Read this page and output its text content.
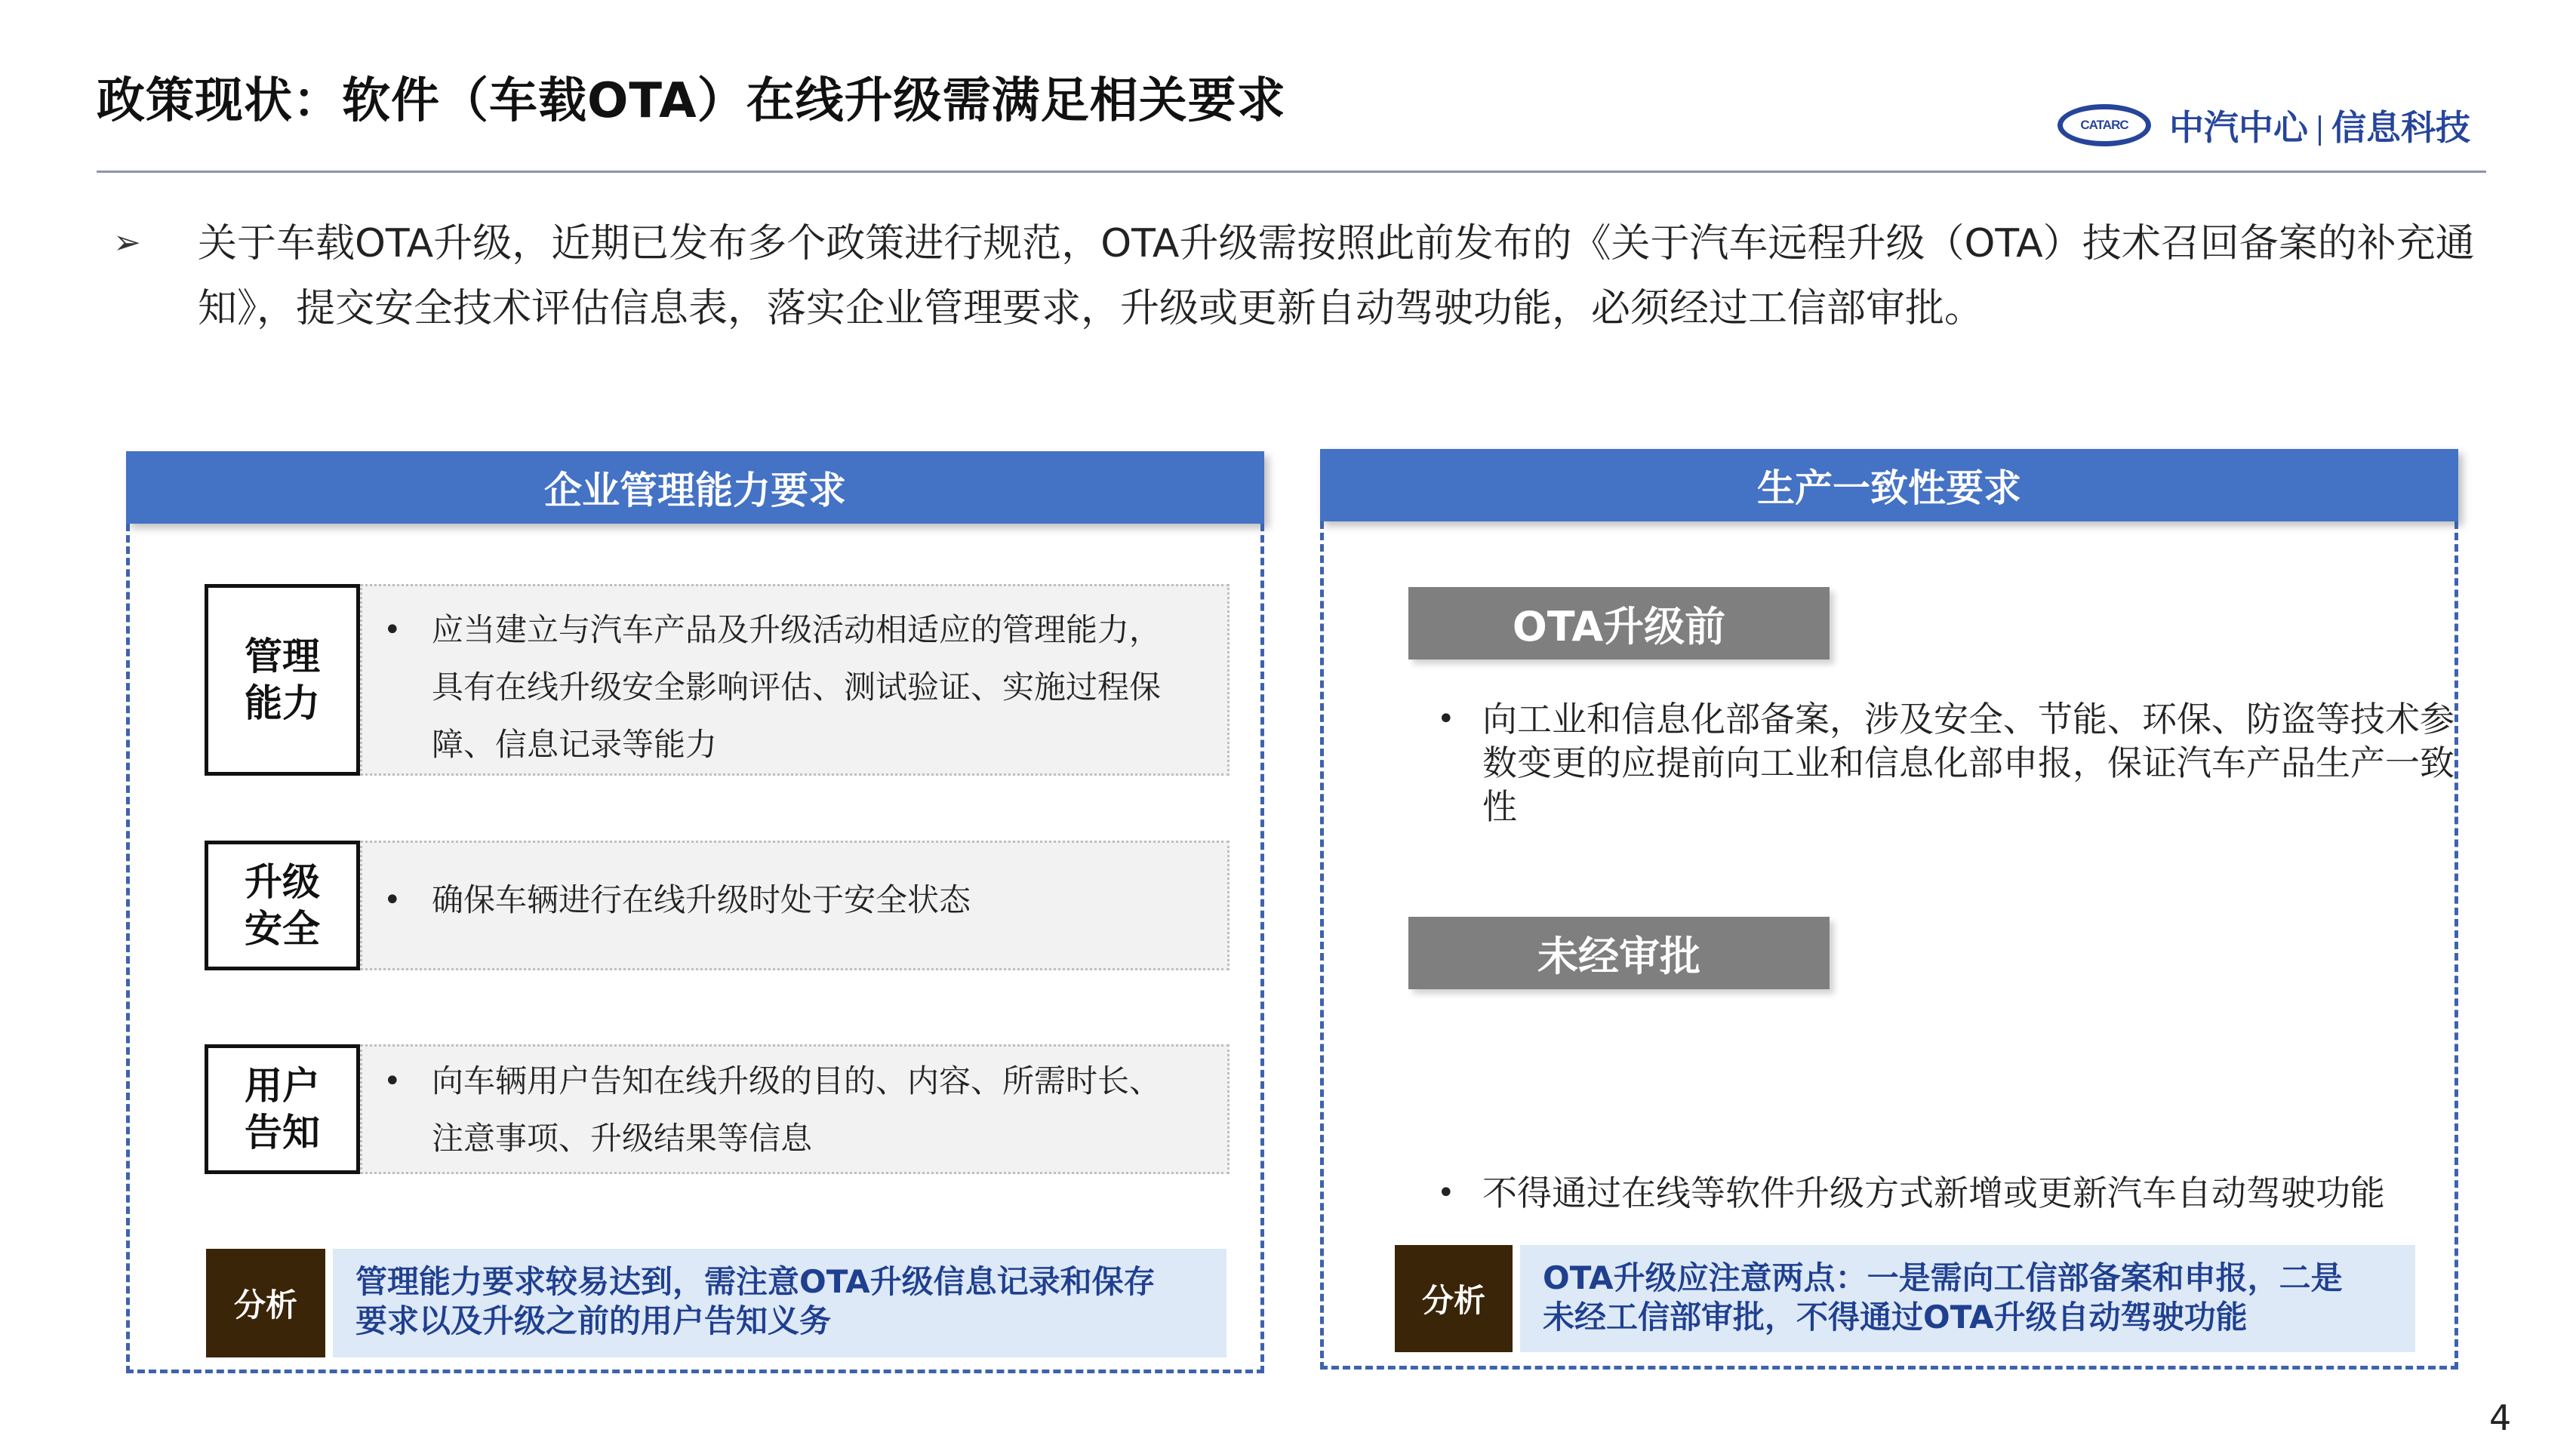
政策现状：软件（车载OTA）在线升级需满足相关要求	CATARC	中汽中心 信息科技
➢ 关于车载OTA升级，近期已发布多个政策进行规范，OTA升级需按照此前发布的《关于汽车远程升级（OTA）技术召回备案的补充通知》，提交安全技术评估信息表，落实企业管理要求，升级或更新自动驾驶功能，必须经过工信部审批。
企业管理能力要求
管理
能力
• 应当建立与汽车产品及升级活动相适应的管理能力，具有在线升级安全影响评估、测试验证、实施过程保障、信息记录等能力
升级
安全
• 确保车辆进行在线升级时处于安全状态
用户
告知
• 向车辆用户告知在线升级的目的、内容、所需时长、注意事项、升级结果等信息
分析
管理能力要求较易达到，需注意OTA升级信息记录和保存要求以及升级之前的用户告知义务
生产一致性要求
OTA升级前
• 向工业和信息化部备案，涉及安全、节能、环保、防盗等技术参数变更的应提前向工业和信息化部申报，保证汽车产品生产一致性
未经审批
• 不得通过在线等软件升级方式新增或更新汽车自动驾驶功能
分析
OTA升级应注意两点：一是需向工信部备案和申报，二是未经工信部审批，不得通过OTA升级自动驾驶功能
4
